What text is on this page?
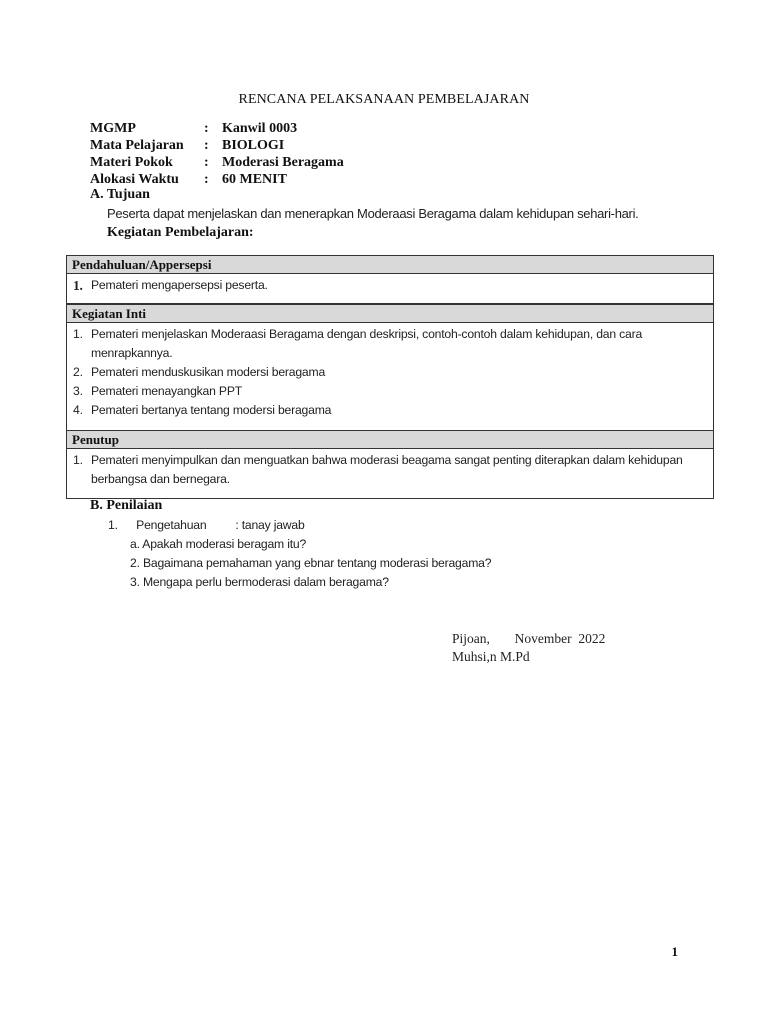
RENCANA PELAKSANAAN PEMBELAJARAN
MGMP	: Kanwil 0003
Mata Pelajaran : BIOLOGI
Materi Pokok : Moderasi Beragama
Alokasi Waktu : 60 MENIT
A. Tujuan
Peserta dapat menjelaskan dan menerapkan Moderaasi Beragama dalam kehidupan sehari-hari.
Kegiatan Pembelajaran:
Pendahuluan/Appersepsi
1. Pemateri mengapersepsi peserta.
Kegiatan Inti
1. Pemateri menjelaskan Moderaasi Beragama dengan deskripsi, contoh-contoh dalam kehidupan, dan cara menrapkannya.
2. Pemateri menduskusikan modersi beragama
3. Pemateri menayangkan PPT
4. Pemateri bertanya tentang modersi beragama
Penutup
1. Pemateri menyimpulkan dan menguatkan bahwa moderasi beagama sangat penting diterapkan dalam kehidupan berbangsa dan bernegara.
B. Penilaian
1. Pengetahuan : tanay jawab
a. Apakah moderasi beragam itu?
2. Bagaimana pemahaman yang ebnar tentang moderasi beragama?
3. Mengapa perlu bermoderasi dalam beragama?
Pijoan, November  2022
Muhsi,n M.Pd
1
